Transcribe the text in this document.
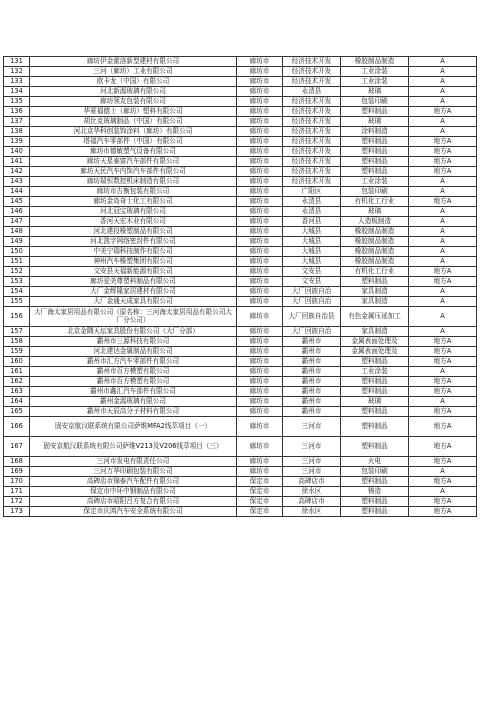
131	廊坊伊金霍洛新型建材有限公司	廊坊市	经济技术开发	橡胶制品制造	A
132	三河（廊坊）工业有限公司	廊坊市	经济技术开发	工业涂装	A
133	欧卡龙（中国）有限公司	廊坊市	经济技术开发	工业涂装	A
134	河北新源玻璃有限公司	廊坊市	永清县	玻璃	A
135	廊坊领友包装有限公司	廊坊市	经济技术开发	包装印刷	A
136	华夏福德士（廊坊）塑料有限公司	廊坊市	经济技术开发	塑料制品	地方A
137	胡比克玻璃制品（中国）有限公司	廊坊市	经济技术开发	玻璃	A
138	河北京华科创装饰涂料（廊坊）有限公司	廊坊市	经济技术开发	涂料制造	A
139	塔福汽车零部件（中国）有限公司	廊坊市	经济技术开发	塑料制品	地方A
140	廊坊市德敏塑气设备有限公司	廊坊市	经济技术开发	塑料制品	地方A
141	廊坊天星泰富汽车部件有限公司	廊坊市	经济技术开发	塑料制品	地方A
142	廊坊天民汽车内饰汽车部件有限公司	廊坊市	经济技术开发	塑料制品	地方A
143	廊坊瑞恒数控机床制造有限公司	廊坊市	经济技术开发	工业涂装	A
144	廊坊市古衡包装有限公司	廊坊市	广阳区	包装印刷	A
145	廊坊金岛奇士化工有限公司	廊坊市	永清县	有机化工行业	地方A
146	河北冠宝玻璃有限公司	廊坊市	永清县	玻璃	A
147	香河天宏木业有限公司	廊坊市	香河县	人造板制造	A
148	河北建投橡塑制品有限公司	廊坊市	大城县	橡胶制品制造	A
149	河北凯宇网络密封件有限公司	廊坊市	大城县	橡胶制品制造	A
150	中美宁瑞科技制作有限公司	廊坊市	大城县	橡胶制品制造	A
151	神州汽车橡塑集团有限公司	廊坊市	大城县	橡胶制品制造	A
152	文安县天福新能源有限公司	廊坊市	文安县	有机化工行业	地方A
153	廊坊爱美尊塑料制品有限公司	廊坊市	文安县	塑料制品	地方A
154	大厂金辉隆家居建材有限公司	廊坊市	大厂回族自治	家具制造	A
155	大厂金通天成家具有限公司	廊坊市	大厂回族自治	家具制造	A
156	大厂海太家居用品有限公司（原名称：三河海太家居用品有限公司大厂分公司）	廊坊市	大厂回族自治县	有色金属压延加工	A
157	北京金隅天坛家具股份有限公司（大厂分部）	廊坊市	大厂回族自治	家具制造	A
158	霸州市三源科技有限公司	廊坊市	霸州市	金属表面处理及	地方A
159	河北建达金属制品有限公司	廊坊市	霸州市	金属表面处理及	地方A
160	霸州市汇方汽车零部件有限公司	廊坊市	霸州市	塑料制品	地方A
161	霸州市百方模塑有限公司	廊坊市	霸州市	工业涂装	A
162	霸州市百方模塑有限公司	廊坊市	霸州市	塑料制品	地方A
163	霸州市鑫汇汽车部件有限公司	廊坊市	霸州市	塑料制品	地方A
164	霸州金源玻璃有限公司	廊坊市	霸州市	玻璃	A
165	霸州市天辰高分子材料有限公司	廊坊市	霸州市	塑料制品	地方A
166	固安京航汉联系统有限公司萨维MFA2线萃项目（一）	廊坊市	三河市	塑料制品	地方A
167	固安京航汉联系统有限公司萨维V213及V206线萃项目（三）	廊坊市	三河市	塑料制品	地方A
168	三河市发电有限责任公司	廊坊市	三河市	火电	地方A
169	三河万华印刷包装有限公司	廊坊市	三河市	包装印刷	A
170	高碑店市锦泰汽车配件有限公司	保定市	高碑店市	塑料制品	地方A
171	保定市中环中钢制品有限公司	保定市	徐水区	铸造	A
172	高碑店市昭阳吕方复合有限公司	保定市	高碑店市	塑料制品	地方A
173	保定市庆鸿汽车安全系统有限公司	保定市	徐水区	塑料制品	地方A
